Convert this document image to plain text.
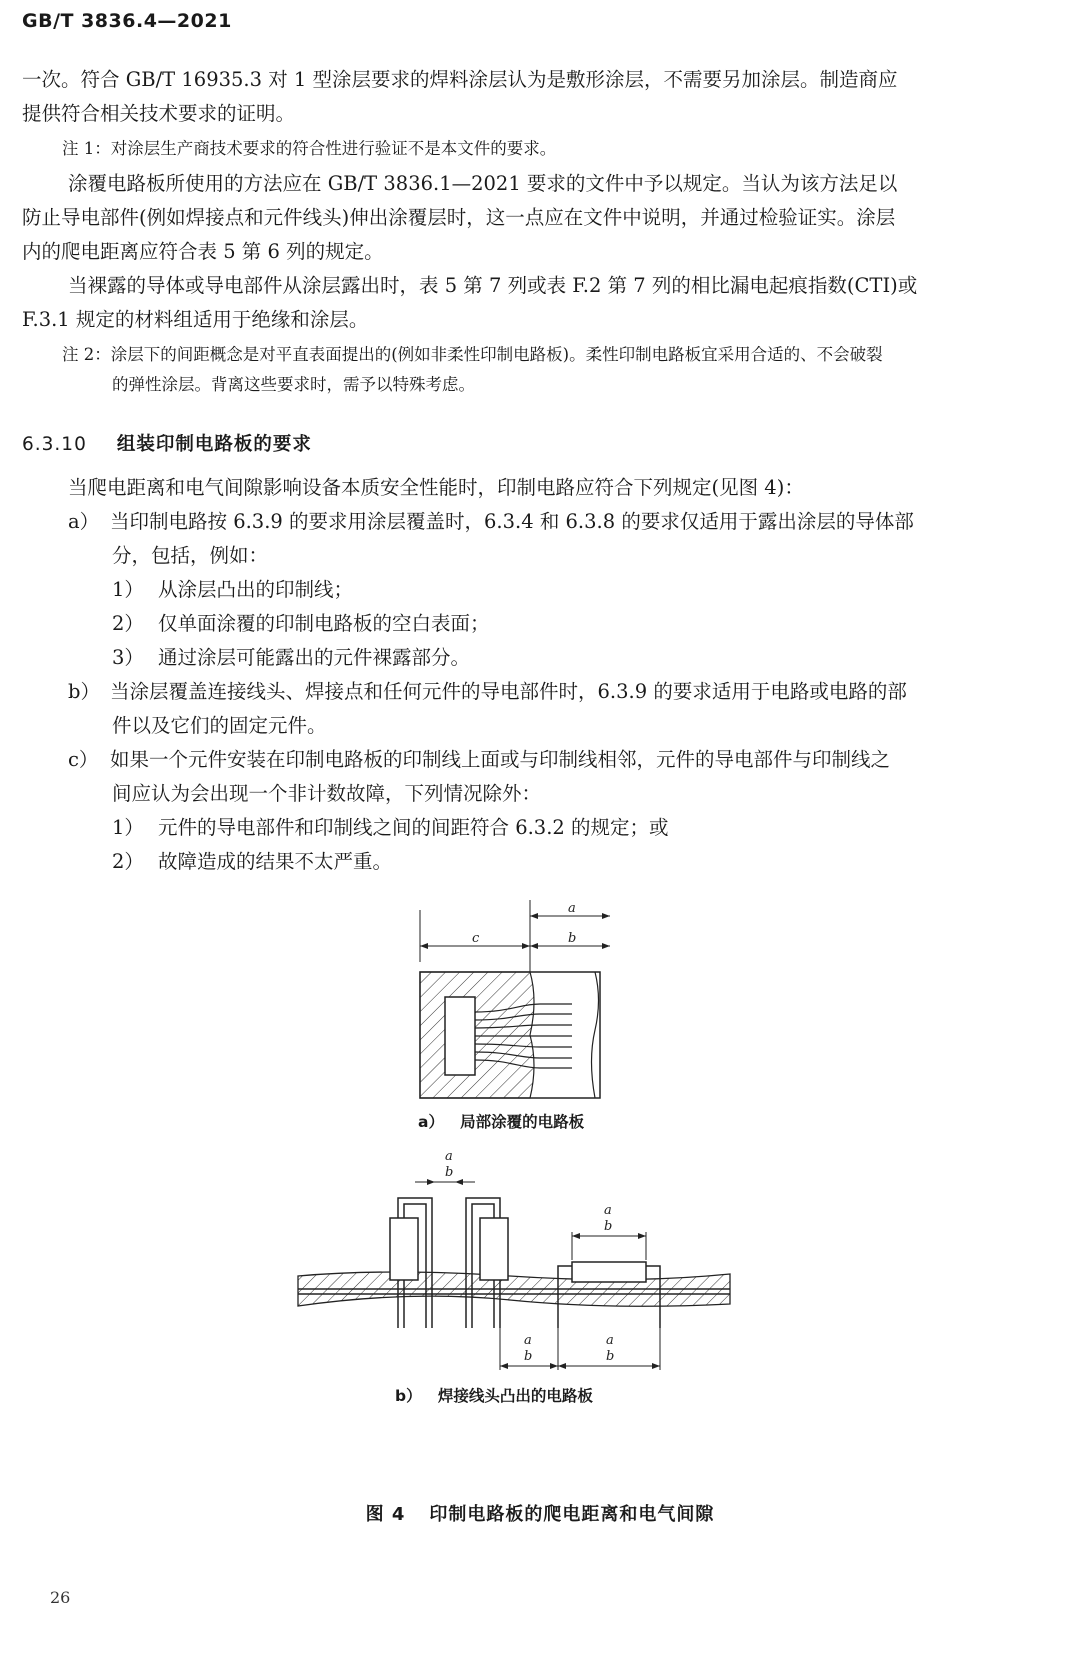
GB/T 3836.4—2021
一次。符合 GB/T 16935.3 对 1 型涂层要求的焊料涂层认为是敷形涂层，不需要另加涂层。制造商应
提供符合相关技术要求的证明。
注 1：对涂层生产商技术要求的符合性进行验证不是本文件的要求。
涂覆电路板所使用的方法应在 GB/T 3836.1—2021 要求的文件中予以规定。当认为该方法足以
防止导电部件(例如焊接点和元件线头)伸出涂覆层时，这一点应在文件中说明，并通过检验证实。涂层
内的爬电距离应符合表 5 第 6 列的规定。
当裸露的导体或导电部件从涂层露出时，表 5 第 7 列或表 F.2 第 7 列的相比漏电起痕指数(CTI)或
F.3.1 规定的材料组适用于绝缘和涂层。
注 2：涂层下的间距概念是对平直表面提出的(例如非柔性印制电路板)。柔性印制电路板宜采用合适的、不会破裂
的弹性涂层。背离这些要求时，需予以特殊考虑。
6.3.10 组装印制电路板的要求
当爬电距离和电气间隙影响设备本质安全性能时，印制电路应符合下列规定(见图 4)：
a） 当印制电路按 6.3.9 的要求用涂层覆盖时，6.3.4 和 6.3.8 的要求仅适用于露出涂层的导体部
分，包括，例如：
1） 从涂层凸出的印制线；
2） 仅单面涂覆的印制电路板的空白表面；
3） 通过涂层可能露出的元件裸露部分。
b） 当涂层覆盖连接线头、焊接点和任何元件的导电部件时，6.3.9 的要求适用于电路或电路的部
件以及它们的固定元件。
c） 如果一个元件安装在印制电路板的印制线上面或与印制线相邻，元件的导电部件与印制线之
间应认为会出现一个非计数故障，下列情况除外：
1） 元件的导电部件和印制线之间的间距符合 6.3.2 的规定；或
2） 故障造成的结果不太严重。
a
b
c
a） 局部涂覆的电路板
a
b
a
b
a
b
a
b
b） 焊接线头凸出的电路板
图 4 印制电路板的爬电距离和电气间隙
26
